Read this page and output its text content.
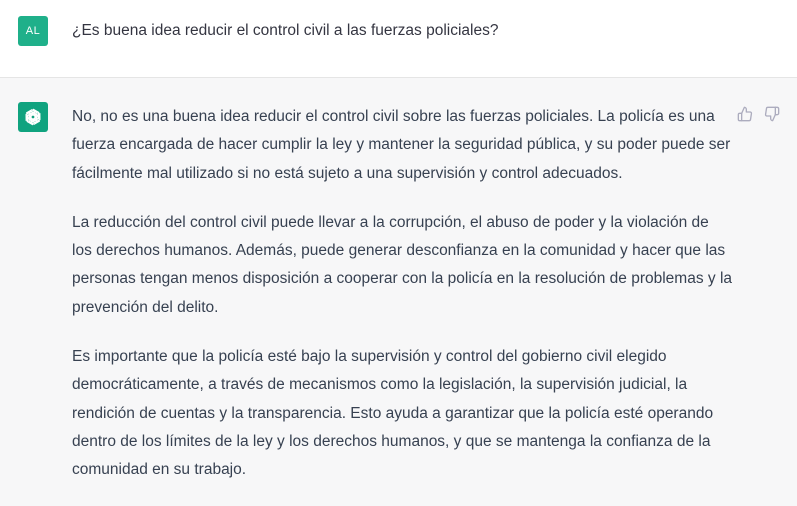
AL	¿Es buena idea reducir el control civil a las fuerzas policiales?

No, no es una buena idea reducir el control civil sobre las fuerzas policiales. La policía es una fuerza encargada de hacer cumplir la ley y mantener la seguridad pública, y su poder puede ser fácilmente mal utilizado si no está sujeto a una supervisión y control adecuados.

La reducción del control civil puede llevar a la corrupción, el abuso de poder y la violación de los derechos humanos. Además, puede generar desconfianza en la comunidad y hacer que las personas tengan menos disposición a cooperar con la policía en la resolución de problemas y la prevención del delito.

Es importante que la policía esté bajo la supervisión y control del gobierno civil elegido democráticamente, a través de mecanismos como la legislación, la supervisión judicial, la rendición de cuentas y la transparencia. Esto ayuda a garantizar que la policía esté operando dentro de los límites de la ley y los derechos humanos, y que se mantenga la confianza de la comunidad en su trabajo.
